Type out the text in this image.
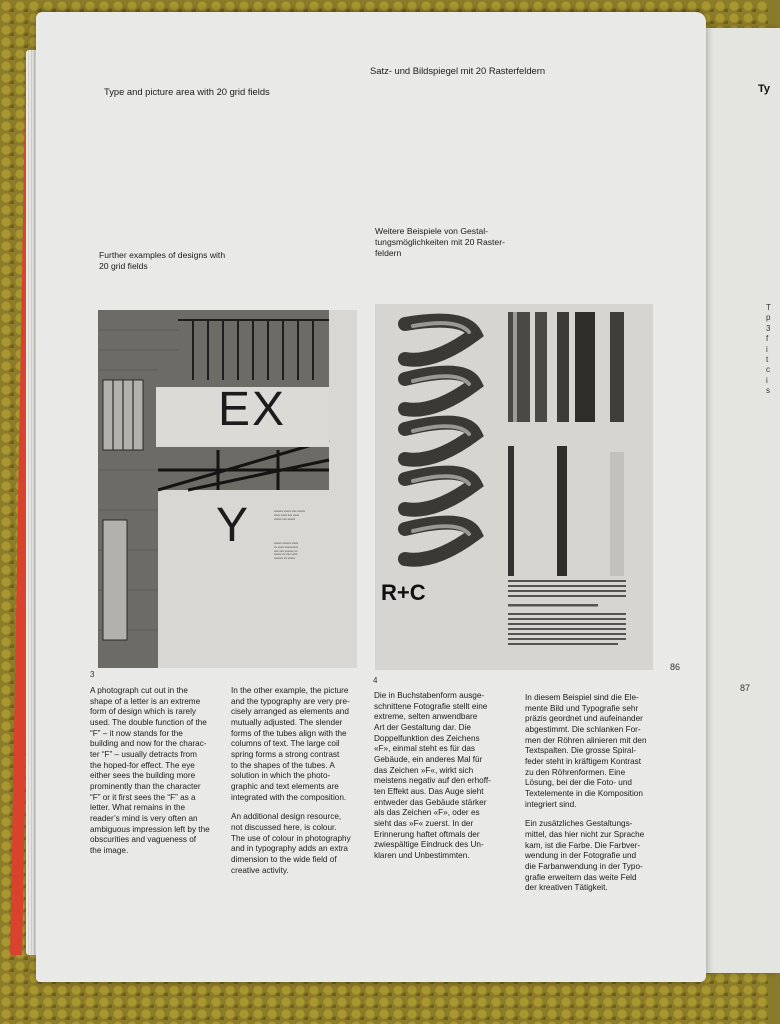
Ty
T
p
3
f
i
t
c
i
s
87
Type and picture area with 20 grid fields
Satz- und Bildspiegel mit 20 Rasterfeldern
Further examples of designs with
20 grid fields
Weitere Beispiele von Gestal-
tungsmöglichkeiten mit 20 Raster-
feldern
EX
Y	xxxxxx xxxxx xxx xxxxx
xxxx xxxx xxx xxxx
xxxxx xxx xxxxx
xxxxx xxxxxx xxxx
xx xxxx xxxxxxxxx
xxx xxx xxxxxx xx
xxxxx xx xxx xxxx
xxxxxx xx xxxxx
R+C
3
4
86
A photograph cut out in the
shape of a letter is an extreme
form of design which is rarely
used. The double function of the
“F” – it now stands for the
building and now for the charac-
ter “F” – usually detracts from
the hoped-for effect. The eye
either sees the building more
prominently than the character
“F” or it first sees the “F” as a
letter. What remains in the
reader’s mind is very often an
ambiguous impression left by the
obscurities and vagueness of
the image.

In the other example, the picture
and the typography are very pre-
cisely arranged as elements and
mutually adjusted. The slender
forms of the tubes align with the
columns of text. The large coil
spring forms a strong contrast
to the shapes of the tubes. A
solution in which the photo-
graphic and text elements are
integrated with the composition.

An additional design resource,
not discussed here, is colour.
The use of colour in photography
and in typography adds an extra
dimension to the wide field of
creative activity.

Die in Buchstabenform ausge-
schnittene Fotografie stellt eine
extreme, selten anwendbare
Art der Gestaltung dar. Die
Doppelfunktion des Zeichens
«F», einmal steht es für das
Gebäude, ein anderes Mal für
das Zeichen »F«, wirkt sich
meistens negativ auf den erhoff-
ten Effekt aus. Das Auge sieht
entweder das Gebäude stärker
als das Zeichen «F», oder es
sieht das »F« zuerst. In der
Erinnerung haftet oftmals der
zwiespältige Eindruck des Un-
klaren und Unbestimmten.

In diesem Beispiel sind die Ele-
mente Bild und Typografie sehr
präzis geordnet und aufeinander
abgestimmt. Die schlanken For-
men der Röhren alinieren mit den
Textspalten. Die grosse Spiral-
feder steht in kräftigem Kontrast
zu den Röhrenformen. Eine
Lösung, bei der die Foto- und
Textelemente in die Komposition
integriert sind.

Ein zusätzliches Gestaltungs-
mittel, das hier nicht zur Sprache
kam, ist die Farbe. Die Farbver-
wendung in der Fotografie und
die Farbanwendung in der Typo-
grafie erweitern das weite Feld
der kreativen Tätigkeit.
